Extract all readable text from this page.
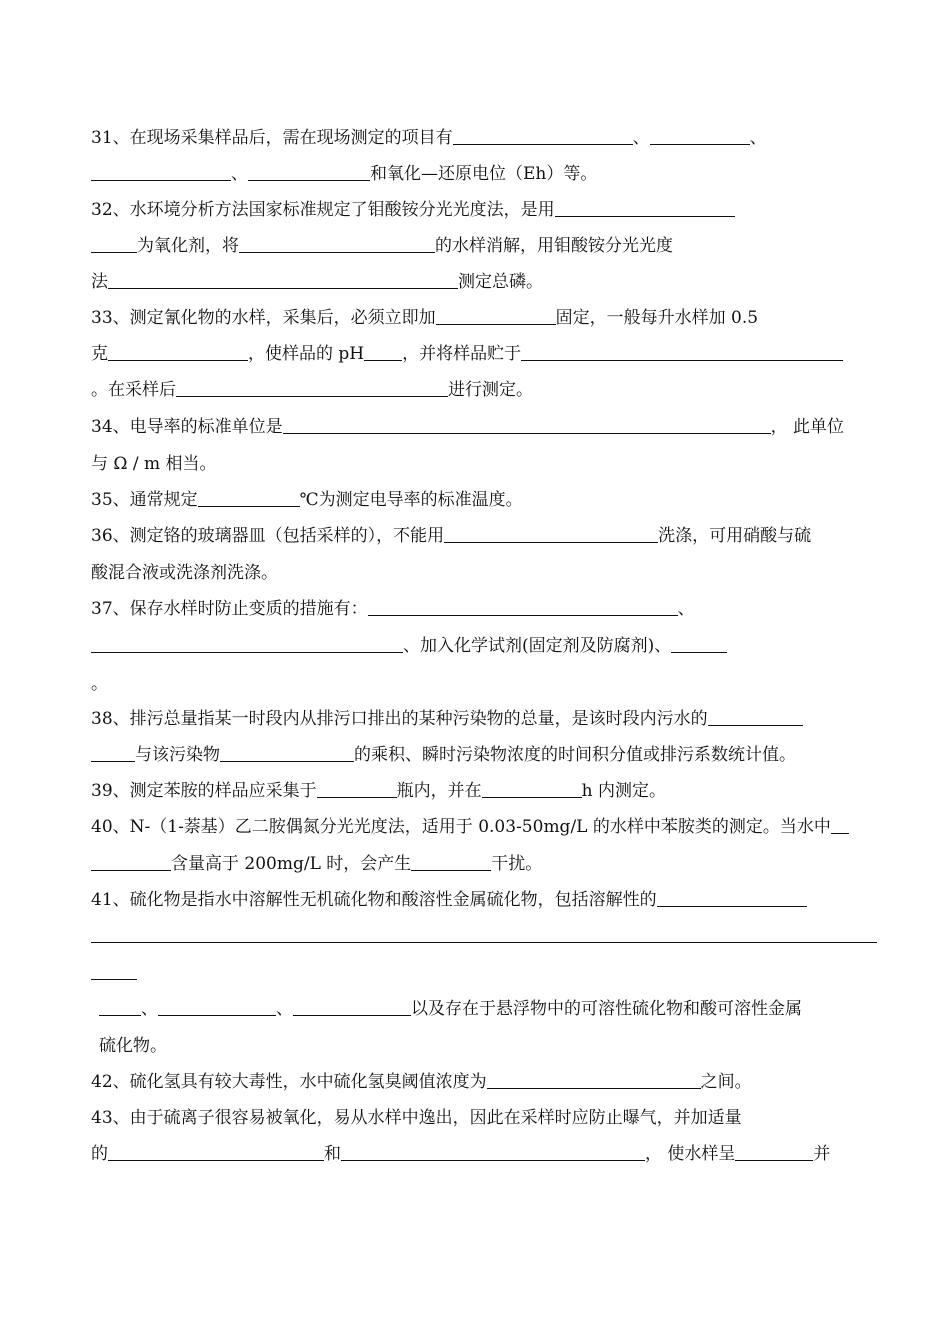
31、在现场采集样品后，需在现场测定的项目有	、	、
、	和氧化—还原电位（Eh）等。
32、水环境分析方法国家标准规定了钼酸铵分光光度法，是用
为氧化剂，将	的水样消解，用钼酸铵分光光度
法	测定总磷。
33、测定氰化物的水样，采集后，必须立即加	固定，一般每升水样加 0.5
克	，使样品的 pH ，并将样品贮于
。在采样后	进行测定。
34、电导率的标准单位是	， 此单位
与 Ω / m 相当。
35、通常规定	℃为测定电导率的标准温度。
36、测定铬的玻璃器皿（包括采样的），不能用	洗涤，可用硝酸与硫
酸混合液或洗涤剂洗涤。
37、保存水样时防止变质的措施有：	、
、加入化学试剂(固定剂及防腐剂)、
。
38、排污总量指某一时段内从排污口排出的某种污染物的总量，是该时段内污水的
与该污染物	的乘积、瞬时污染物浓度的时间积分值或排污系数统计值。
39、测定苯胺的样品应采集于	瓶内，并在	h 内测定。
40、N-（1-萘基）乙二胺偶氮分光光度法，适用于 0.03-50mg/L 的水样中苯胺类的测定。当水中
含量高于 200mg/L 时，会产生	干扰。
41、硫化物是指水中溶解性无机硫化物和酸溶性金属硫化物，包括溶解性的
、	、	以及存在于悬浮物中的可溶性硫化物和酸可溶性金属
硫化物。
42、硫化氢具有较大毒性，水中硫化氢臭阈值浓度为	之间。
43、由于硫离子很容易被氧化，易从水样中逸出，因此在采样时应防止曝气，并加适量
的	和	， 使水样呈	并
